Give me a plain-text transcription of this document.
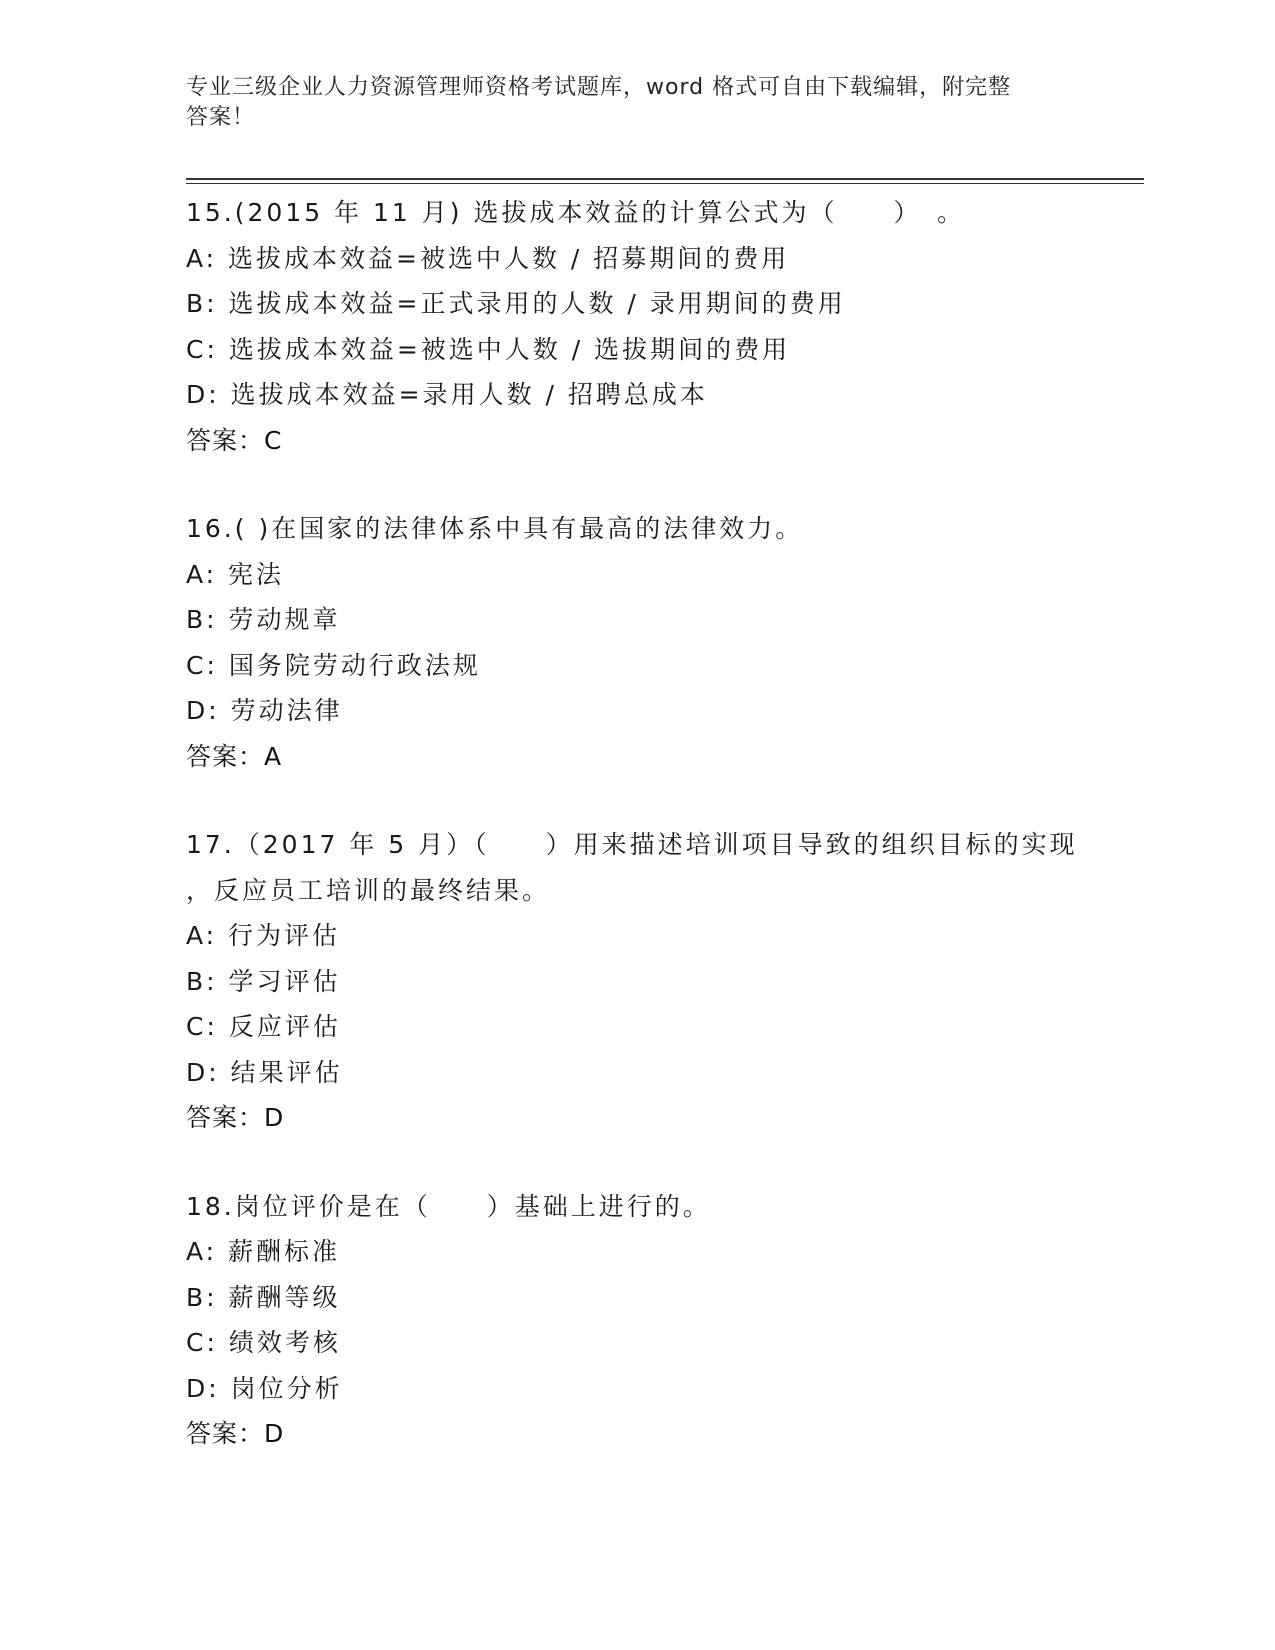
专业三级企业人力资源管理师资格考试题库，word 格式可自由下载编辑，附完整
答案！
15.(2015 年 11 月) 选拔成本效益的计算公式为（　　）　。
A: 选拔成本效益=被选中人数 / 招募期间的费用
B: 选拔成本效益=正式录用的人数 / 录用期间的费用
C: 选拔成本效益=被选中人数 / 选拔期间的费用
D: 选拔成本效益=录用人数 / 招聘总成本
答案：C
16.( )在国家的法律体系中具有最高的法律效力。
A: 宪法
B: 劳动规章
C: 国务院劳动行政法规
D: 劳动法律
答案：A
17.（2017 年 5 月）（　　）用来描述培训项目导致的组织目标的实现
，反应员工培训的最终结果。
A: 行为评估
B: 学习评估
C: 反应评估
D: 结果评估
答案：D
18.岗位评价是在（　　）基础上进行的。
A: 薪酬标准
B: 薪酬等级
C: 绩效考核
D: 岗位分析
答案：D
